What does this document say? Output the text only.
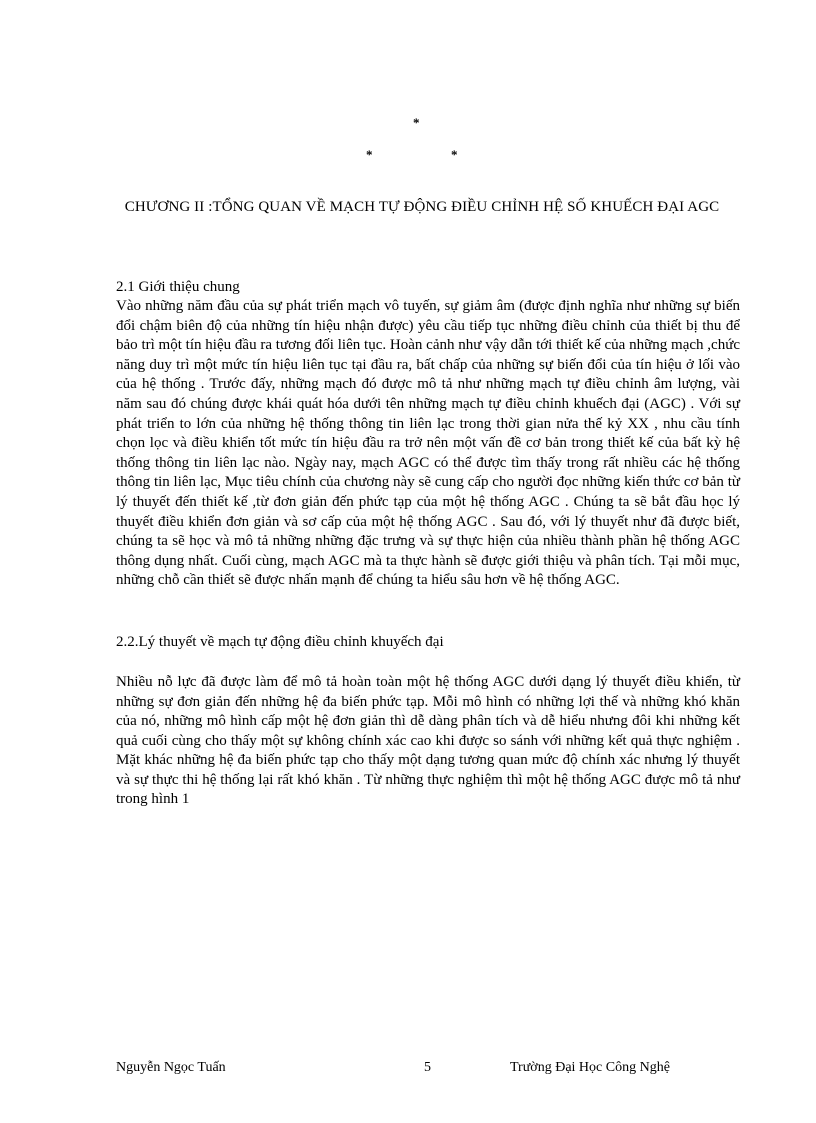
*
*	*
CHƯƠNG II :TỔNG QUAN VỀ MẠCH TỰ ĐỘNG ĐIỀU CHỈNH HỆ SỐ KHUẾCH ĐẠI AGC

2.1 Giới thiệu chung

Vào những năm đầu của sự phát triển mạch vô tuyến, sự giảm âm (được định nghĩa như những sự biến đổi chậm biên độ của những tín hiệu nhận được) yêu cầu tiếp tục những điều chỉnh của thiết bị thu để bảo trì một tín hiệu đầu ra tương đối liên tục. Hoàn cảnh như vậy dẫn tới thiết kế của những mạch ,chức năng duy trì một mức tín hiệu liên tục tại đầu ra, bất chấp của những sự biến đổi của tín hiệu ở lối vào của hệ thống . Trước đấy, những mạch đó được mô tả như những mạch tự điều chỉnh âm lượng, vài năm sau đó chúng được khái quát hóa dưới tên những mạch tự điều chỉnh khuếch đại (AGC) . Với sự phát triển to lớn của những hệ thống thông tin liên lạc trong thời gian nửa thế kỷ XX , nhu cầu tính chọn lọc và điều khiển tốt mức tín hiệu đầu ra trở nên một vấn đề cơ bản trong thiết kế của bất kỳ hệ thống thông tin liên lạc nào. Ngày nay, mạch AGC có thể được tìm thấy trong rất nhiều các hệ thống thông tin liên lạc, Mục tiêu chính của chương này sẽ cung cấp cho người đọc những kiến thức cơ bản từ lý thuyết đến thiết kế ,từ đơn giản đến phức tạp của một hệ thống AGC . Chúng ta sẽ bắt đầu học lý thuyết điều khiển đơn giản và sơ cấp của một hệ thống AGC . Sau đó, với lý thuyết như đã được biết, chúng ta sẽ học và mô tả những những đặc trưng và sự thực hiện của nhiều thành phần hệ thống AGC thông dụng nhất. Cuối cùng, mạch AGC mà ta thực hành sẽ được giới thiệu và phân tích. Tại mỗi mục, những chỗ cần thiết sẽ được nhấn mạnh để chúng ta hiểu sâu hơn về hệ thống AGC.

2.2.Lý thuyết về mạch tự động điều chỉnh khuyếch đại

Nhiều nỗ lực đã được làm để mô tả hoàn toàn một hệ thống AGC dưới dạng lý thuyết điều khiển, từ những sự đơn giản đến những hệ đa biến phức tạp. Mỗi mô hình có những lợi thế và những khó khăn của nó, những mô hình cấp một hệ đơn giản thì dễ dàng phân tích và dễ hiểu nhưng đôi khi những kết quả cuối cùng cho thấy một sự không chính xác cao khi được so sánh với những kết quả thực nghiệm . Mặt khác những hệ đa biến phức tạp cho thấy một dạng tương quan mức độ chính xác nhưng lý thuyết và sự thực thi hệ thống lại rất khó khăn . Từ những thực nghiệm thì một hệ thống AGC được mô tả như trong hình 1

Nguyễn Ngọc Tuấn	5	Trường Đại Học Công Nghệ
